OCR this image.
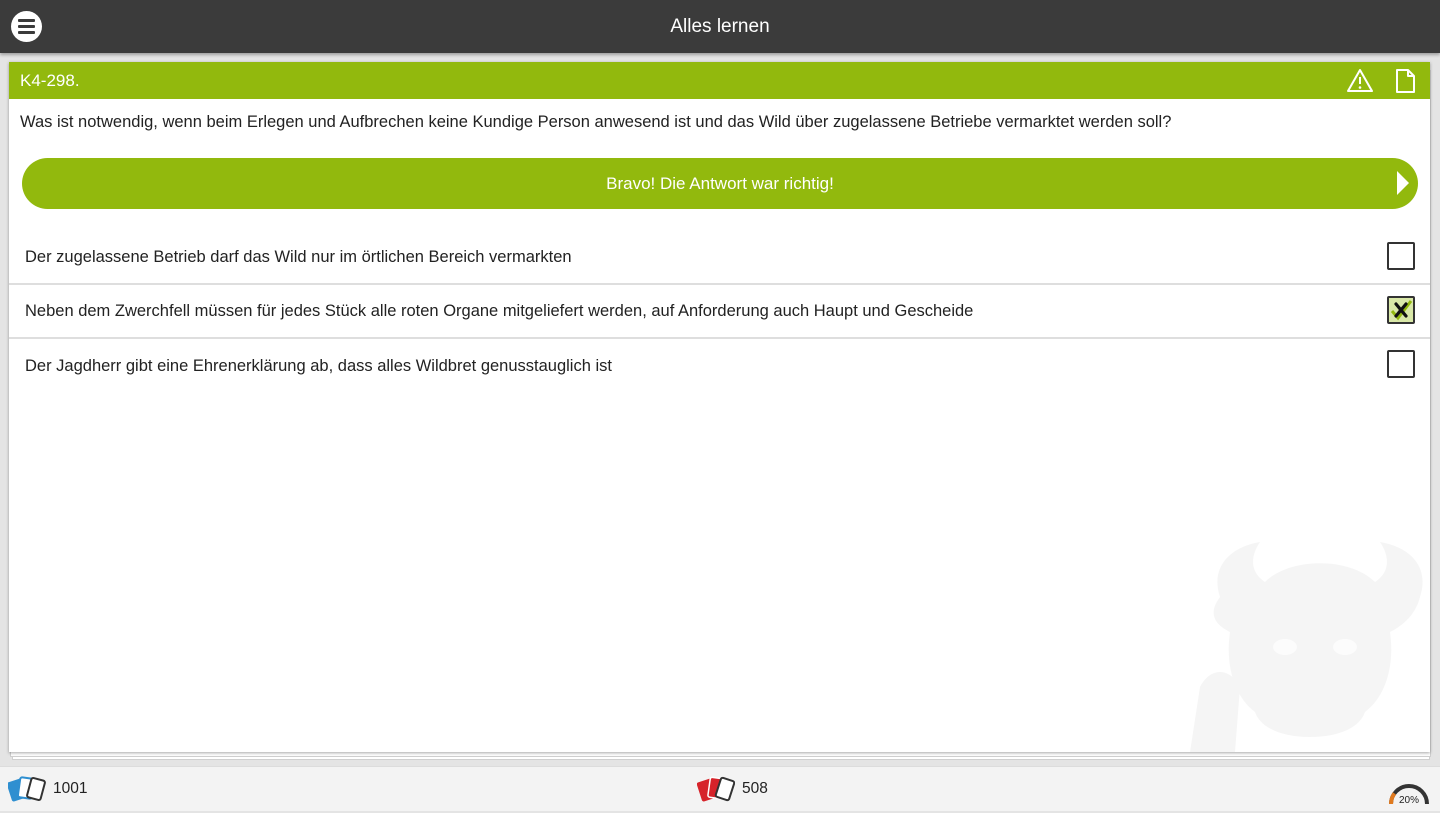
Alles lernen
K4-298.
Was ist notwendig, wenn beim Erlegen und Aufbrechen keine Kundige Person anwesend ist und das Wild über zugelassene Betriebe vermarktet werden soll?
Bravo! Die Antwort war richtig!
Der zugelassene Betrieb darf das Wild nur im örtlichen Bereich vermarkten
Neben dem Zwerchfell müssen für jedes Stück alle roten Organe mitgeliefert werden, auf Anforderung auch Haupt und Gescheide
Der Jagdherr gibt eine Ehrenerklärung ab, dass alles Wildbret genusstauglich ist
1001	508
20%
